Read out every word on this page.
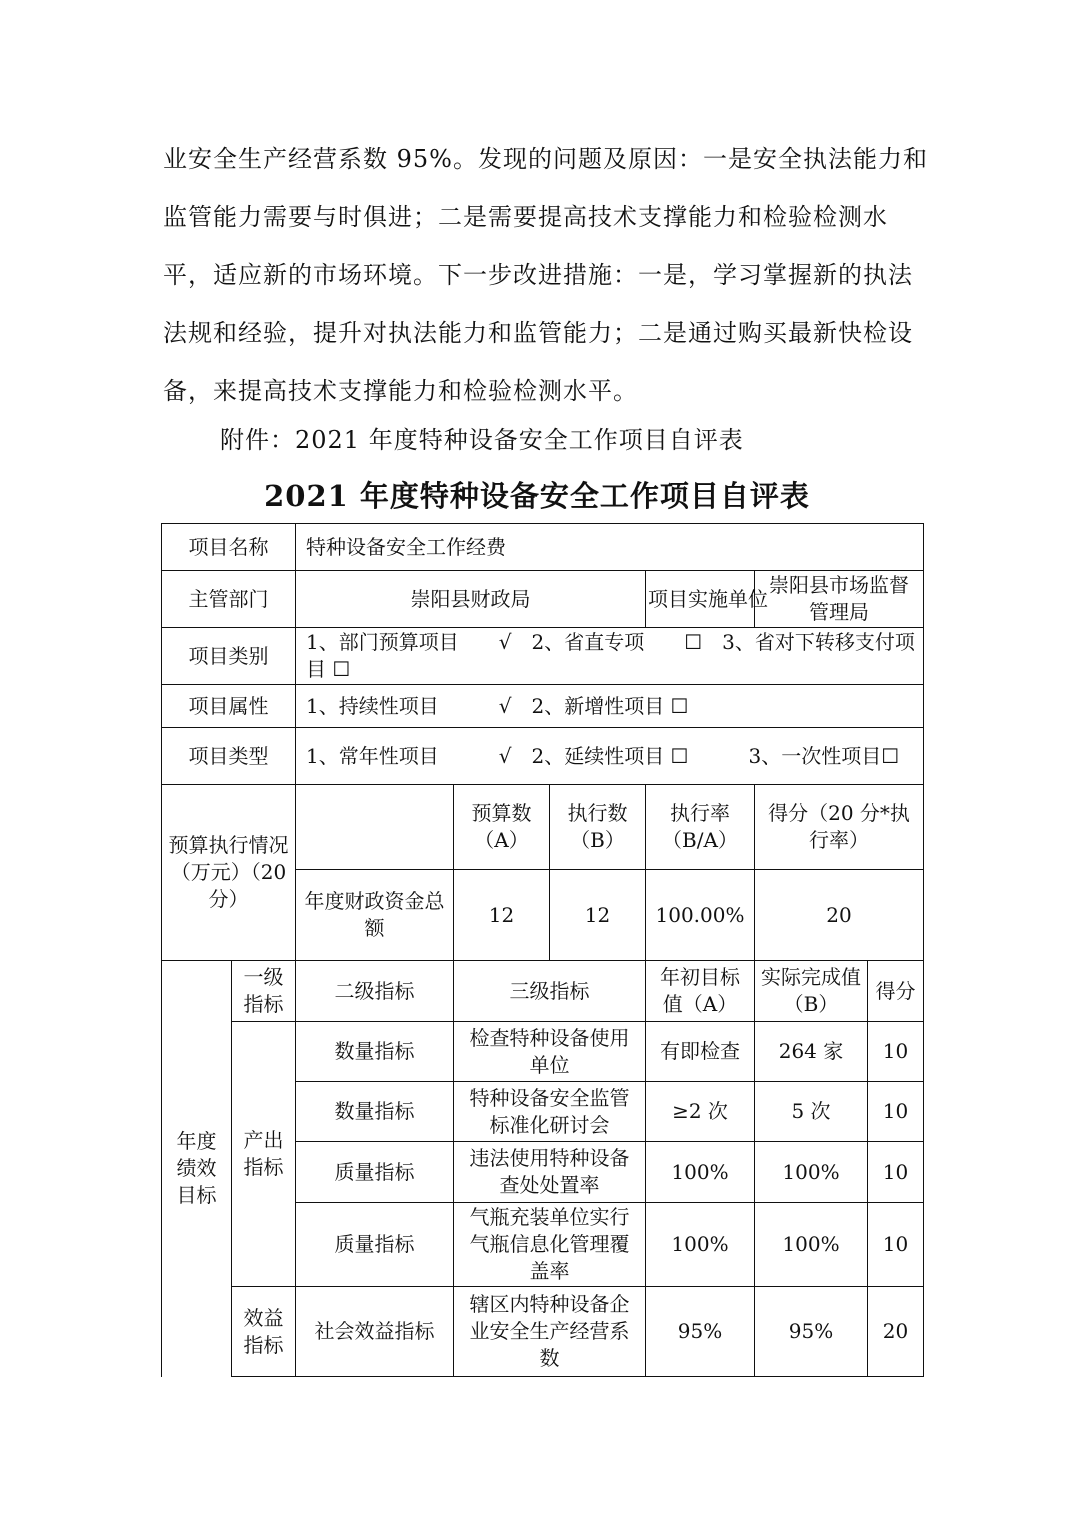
业安全生产经营系数 95%。发现的问题及原因：一是安全执法能力和

监管能力需要与时俱进；二是需要提高技术支撑能力和检验检测水

平，适应新的市场环境。下一步改进措施：一是，学习掌握新的执法

法规和经验，提升对执法能力和监管能力；二是通过购买最新快检设

备，来提高技术支撑能力和检验检测水平。

附件：2021 年度特种设备安全工作项目自评表
2021 年度特种设备安全工作项目自评表
项目名称		特种设备安全工作经费					
主管部门		崇阳县财政局			项目实施单位	崇阳县市场监督管理局	
项目类别		1、部门预算项目　　√　2、省直专项　　☐　3、省对下转移支付项目 ☐					
项目属性		1、持续性项目　　　√　2、新增性项目 ☐					
项目类型		1、常年性项目　　　√　2、延续性项目 ☐　　　3、一次性项目☐					
预算执行情况（万元）（20 分）			预算数（A）	执行数（B）	执行率（B/A）	得分（20 分*执行率）	
		年度财政资金总额	12	12	100.00%	20	
年度绩效目标	一级指标	二级指标	三级指标		年初目标值（A）	实际完成值（B）	得分
	产出指标	数量指标	检查特种设备使用单位		有即检查	264 家	10
		数量指标	特种设备安全监管标准化研讨会		≥2 次	5 次	10
		质量指标	违法使用特种设备查处处置率		100%	100%	10
		质量指标	气瓶充装单位实行气瓶信息化管理覆盖率		100%	100%	10
	效益指标	社会效益指标	辖区内特种设备企业安全生产经营系数		95%	95%	20
